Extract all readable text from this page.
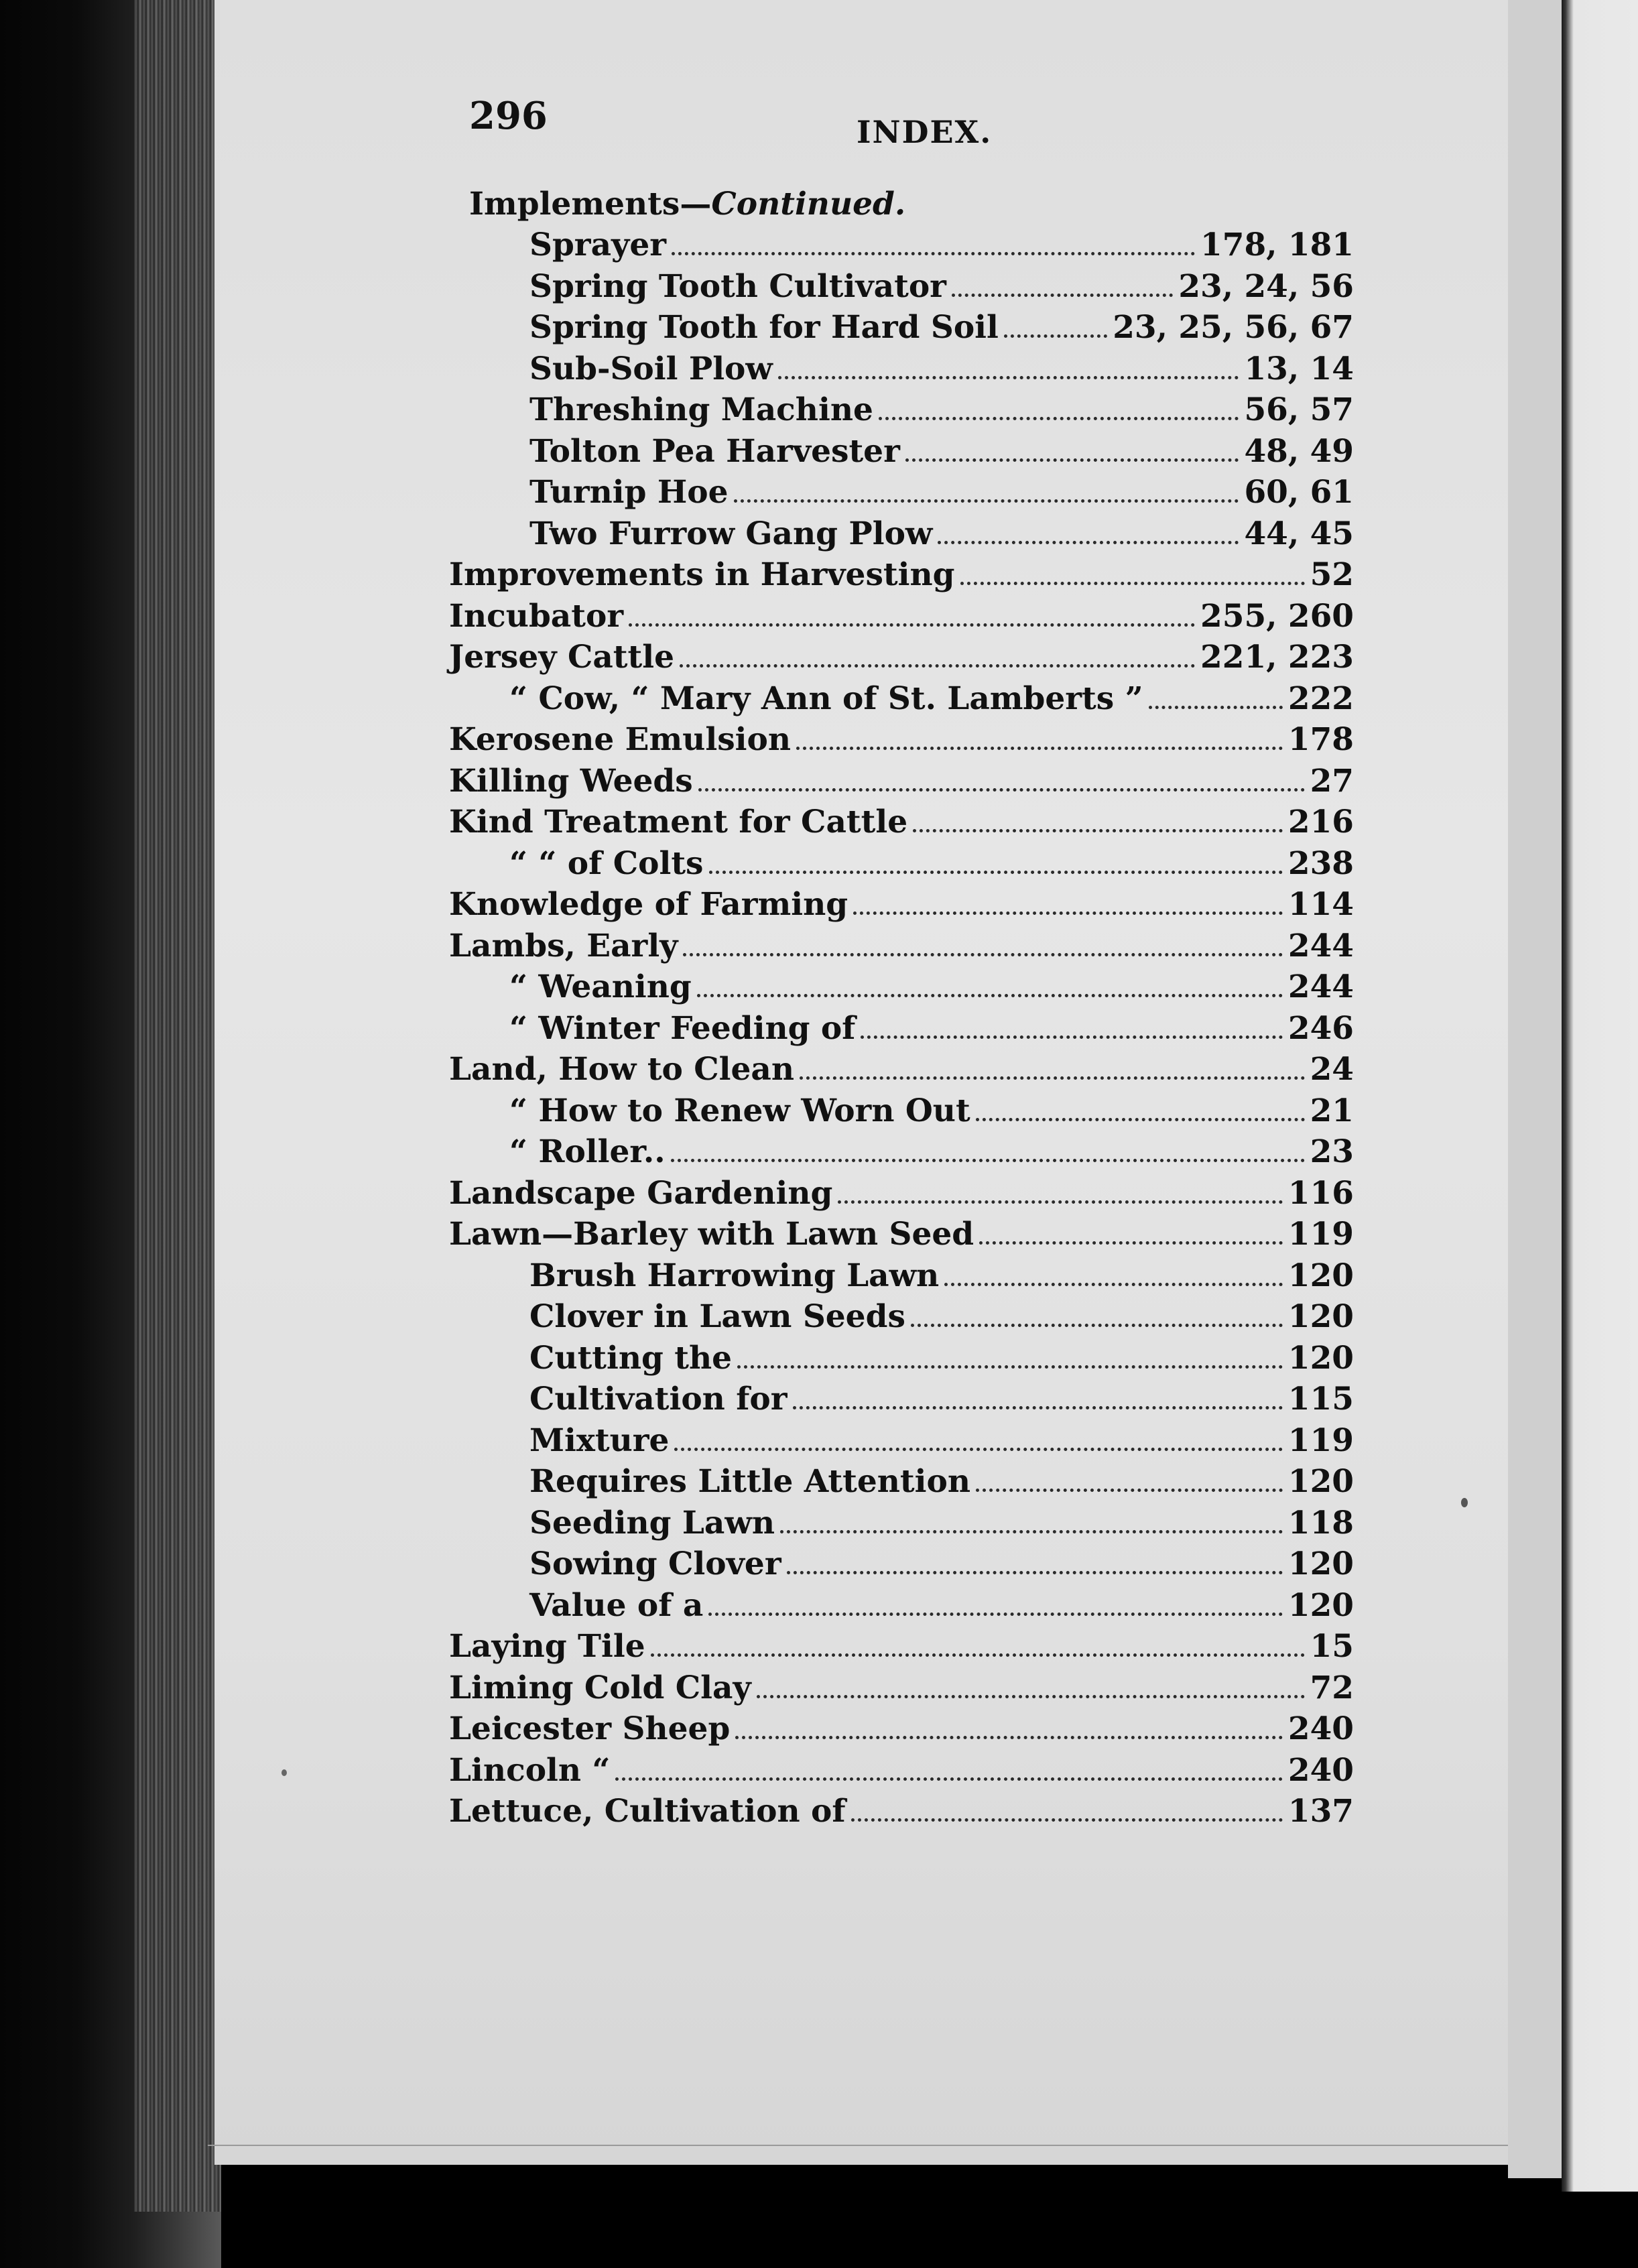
296	INDEX.
Implements—Continued.
Sprayer	178, 181
Spring Tooth Cultivator	23, 24, 56
Spring Tooth for Hard Soil	23, 25, 56, 67
Sub-Soil Plow	13, 14
Threshing Machine	56, 57
Tolton Pea Harvester	48, 49
Turnip Hoe	60, 61
Two Furrow Gang Plow	44, 45
Improvements in Harvesting	52
Incubator	255, 260
Jersey Cattle	221, 223
“ Cow, “ Mary Ann of St. Lamberts ”	222
Kerosene Emulsion	178
Killing Weeds	27
Kind Treatment for Cattle	216
“ “ of Colts	238
Knowledge of Farming	114
Lambs, Early	244
“ Weaning	244
“ Winter Feeding of	246
Land, How to Clean	24
“ How to Renew Worn Out	21
“ Roller..	23
Landscape Gardening	116
Lawn—Barley with Lawn Seed	119
Brush Harrowing Lawn	120
Clover in Lawn Seeds	120
Cutting the	120
Cultivation for	115
Mixture	119
Requires Little Attention	120
Seeding Lawn	118
Sowing Clover	120
Value of a	120
Laying Tile	15
Liming Cold Clay	72
Leicester Sheep	240
Lincoln “	240
Lettuce, Cultivation of	137
